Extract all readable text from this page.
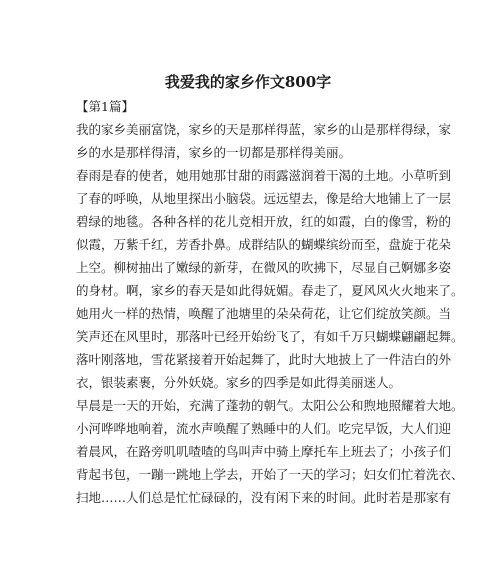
我爱我的家乡作文800字
【第1篇】
我的家乡美丽富饶，家乡的天是那样得蓝，家乡的山是那样得绿，家
乡的水是那样得清，家乡的一切都是那样得美丽。
春雨是春的使者，她用她那甘甜的雨露滋润着干渴的土地。小草听到
了春的呼唤，从地里探出小脑袋。远远望去，像是给大地铺上了一层
碧绿的地毯。各种各样的花儿竞相开放，红的如霞，白的像雪，粉的
似霞，万紫千红，芳香扑鼻。成群结队的蝴蝶缤纷而至，盘旋于花朵
上空。柳树抽出了嫩绿的新芽，在微风的吹拂下，尽显自己婀娜多姿
的身材。啊，家乡的春天是如此得妩媚。春走了，夏风风火火地来了。
她用火一样的热情，唤醒了池塘里的朵朵荷花，让它们绽放笑颜。当
笑声还在风里时，那落叶已经开始纷飞了，有如千万只蝴蝶翩翩起舞。
落叶刚落地，雪花紧接着开始起舞了，此时大地披上了一件洁白的外
衣，银装素裹，分外妖娆。家乡的四季是如此得美丽迷人。
早晨是一天的开始，充满了蓬勃的朝气。太阳公公和煦地照耀着大地。
小河哗哗地响着，流水声唤醒了熟睡中的人们。吃完早饭，大人们迎
着晨风，在路旁叽叽喳喳的鸟叫声中骑上摩托车上班去了；小孩子们
背起书包，一蹦一跳地上学去，开始了一天的学习；妇女们忙着洗衣、
扫地……人们总是忙忙碌碌的，没有闲下来的时间。此时若是那家有
